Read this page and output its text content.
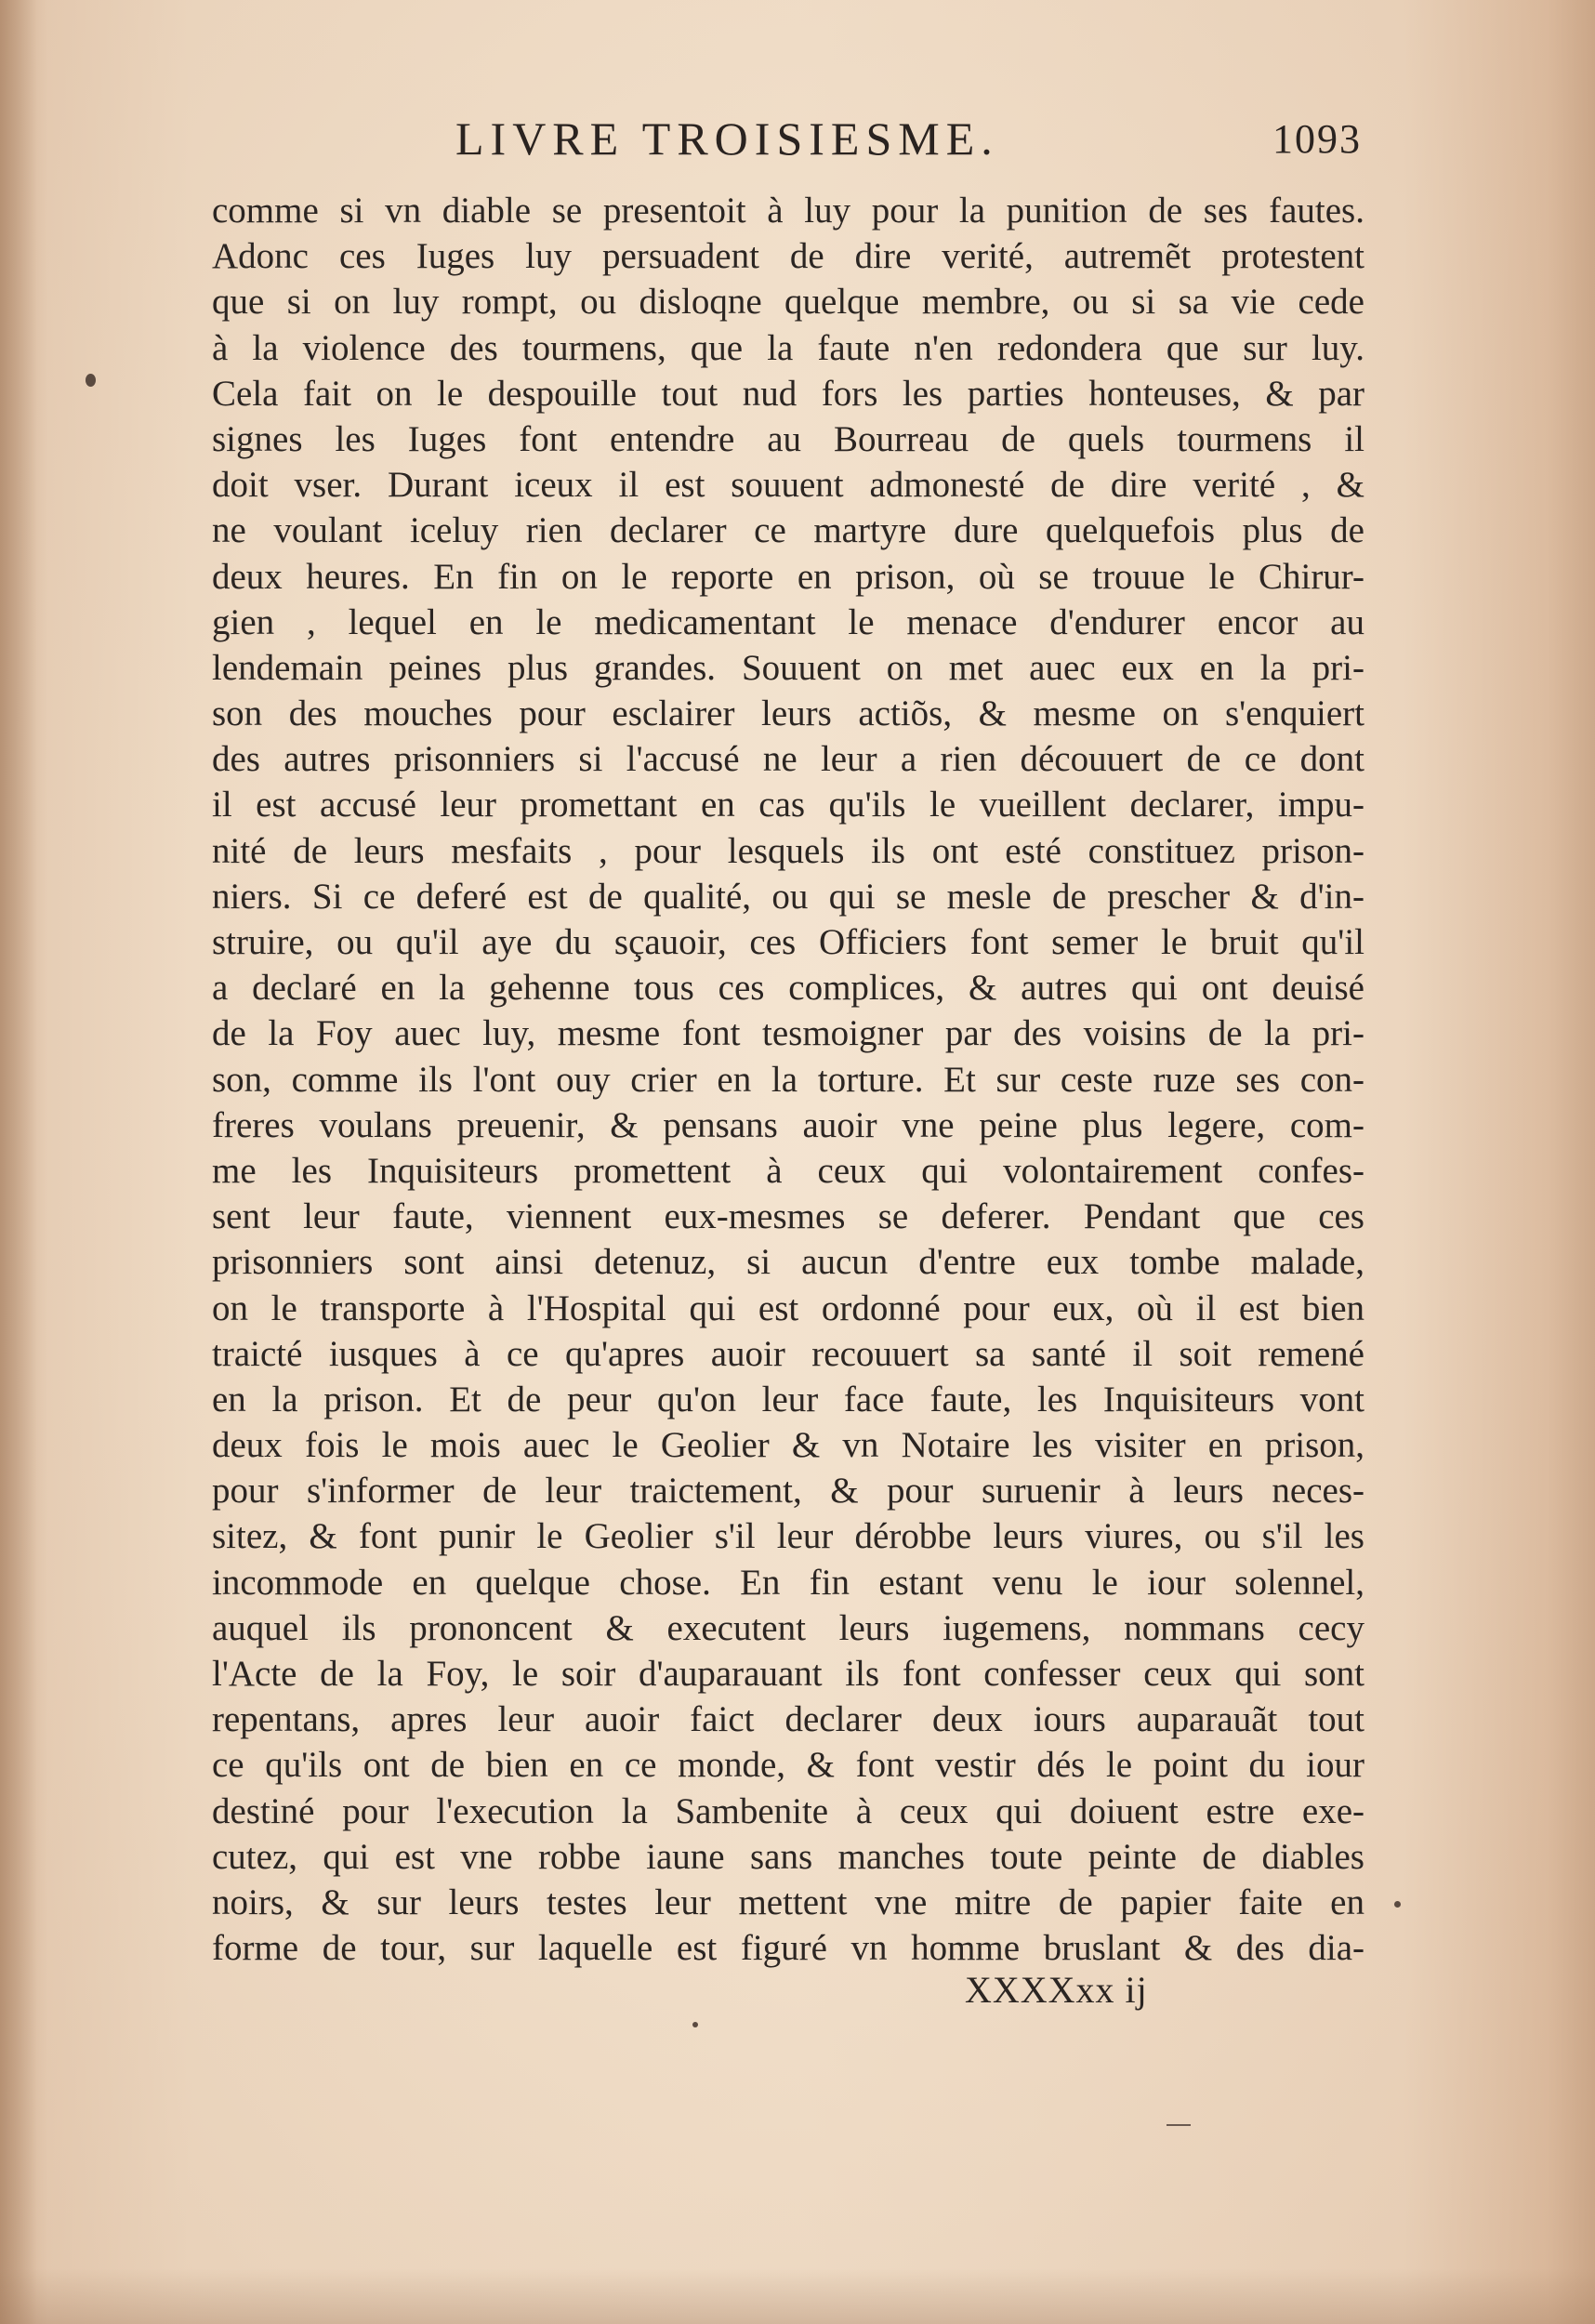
LIVRE TROISIESME.	1093
comme si vn diable se presentoit à luy pour la punition de ses fautes.
Adonc ces Iuges luy persuadent de dire verité, autremẽt protestent
que si on luy rompt, ou disloqne quelque membre, ou si sa vie cede
à la violence des tourmens, que la faute n'en redondera que sur luy.
Cela fait on le despouille tout nud fors les parties honteuses, & par
signes les Iuges font entendre au Bourreau de quels tourmens il
doit vser. Durant iceux il est souuent admonesté de dire verité , &
ne voulant iceluy rien declarer ce martyre dure quelquefois plus de
deux heures. En fin on le reporte en prison, où se trouue le Chirur-
gien , lequel en le medicamentant le menace d'endurer encor au
lendemain peines plus grandes. Souuent on met auec eux en la pri-
son des mouches pour esclairer leurs actiõs, & mesme on s'enquiert
des autres prisonniers si l'accusé ne leur a rien découuert de ce dont
il est accusé leur promettant en cas qu'ils le vueillent declarer, impu-
nité de leurs mesfaits , pour lesquels ils ont esté constituez prison-
niers. Si ce deferé est de qualité, ou qui se mesle de prescher & d'in-
struire, ou qu'il aye du sçauoir, ces Officiers font semer le bruit qu'il
a declaré en la gehenne tous ces complices, & autres qui ont deuisé
de la Foy auec luy, mesme font tesmoigner par des voisins de la pri-
son, comme ils l'ont ouy crier en la torture. Et sur ceste ruze ses con-
freres voulans preuenir, & pensans auoir vne peine plus legere, com-
me les Inquisiteurs promettent à ceux qui volontairement confes-
sent leur faute, viennent eux-mesmes se deferer. Pendant que ces
prisonniers sont ainsi detenuz, si aucun d'entre eux tombe malade,
on le transporte à l'Hospital qui est ordonné pour eux, où il est bien
traicté iusques à ce qu'apres auoir recouuert sa santé il soit remené
en la prison. Et de peur qu'on leur face faute, les Inquisiteurs vont
deux fois le mois auec le Geolier & vn Notaire les visiter en prison,
pour s'informer de leur traictement, & pour suruenir à leurs neces-
sitez, & font punir le Geolier s'il leur dérobbe leurs viures, ou s'il les
incommode en quelque chose. En fin estant venu le iour solennel,
auquel ils prononcent & executent leurs iugemens, nommans cecy
l'Acte de la Foy, le soir d'auparauant ils font confesser ceux qui sont
repentans, apres leur auoir faict declarer deux iours auparauãt tout
ce qu'ils ont de bien en ce monde, & font vestir dés le point du iour
destiné pour l'execution la Sambenite à ceux qui doiuent estre exe-
cutez, qui est vne robbe iaune sans manches toute peinte de diables
noirs, & sur leurs testes leur mettent vne mitre de papier faite en
forme de tour, sur laquelle est figuré vn homme bruslant & des dia-
XXXXxx ij
